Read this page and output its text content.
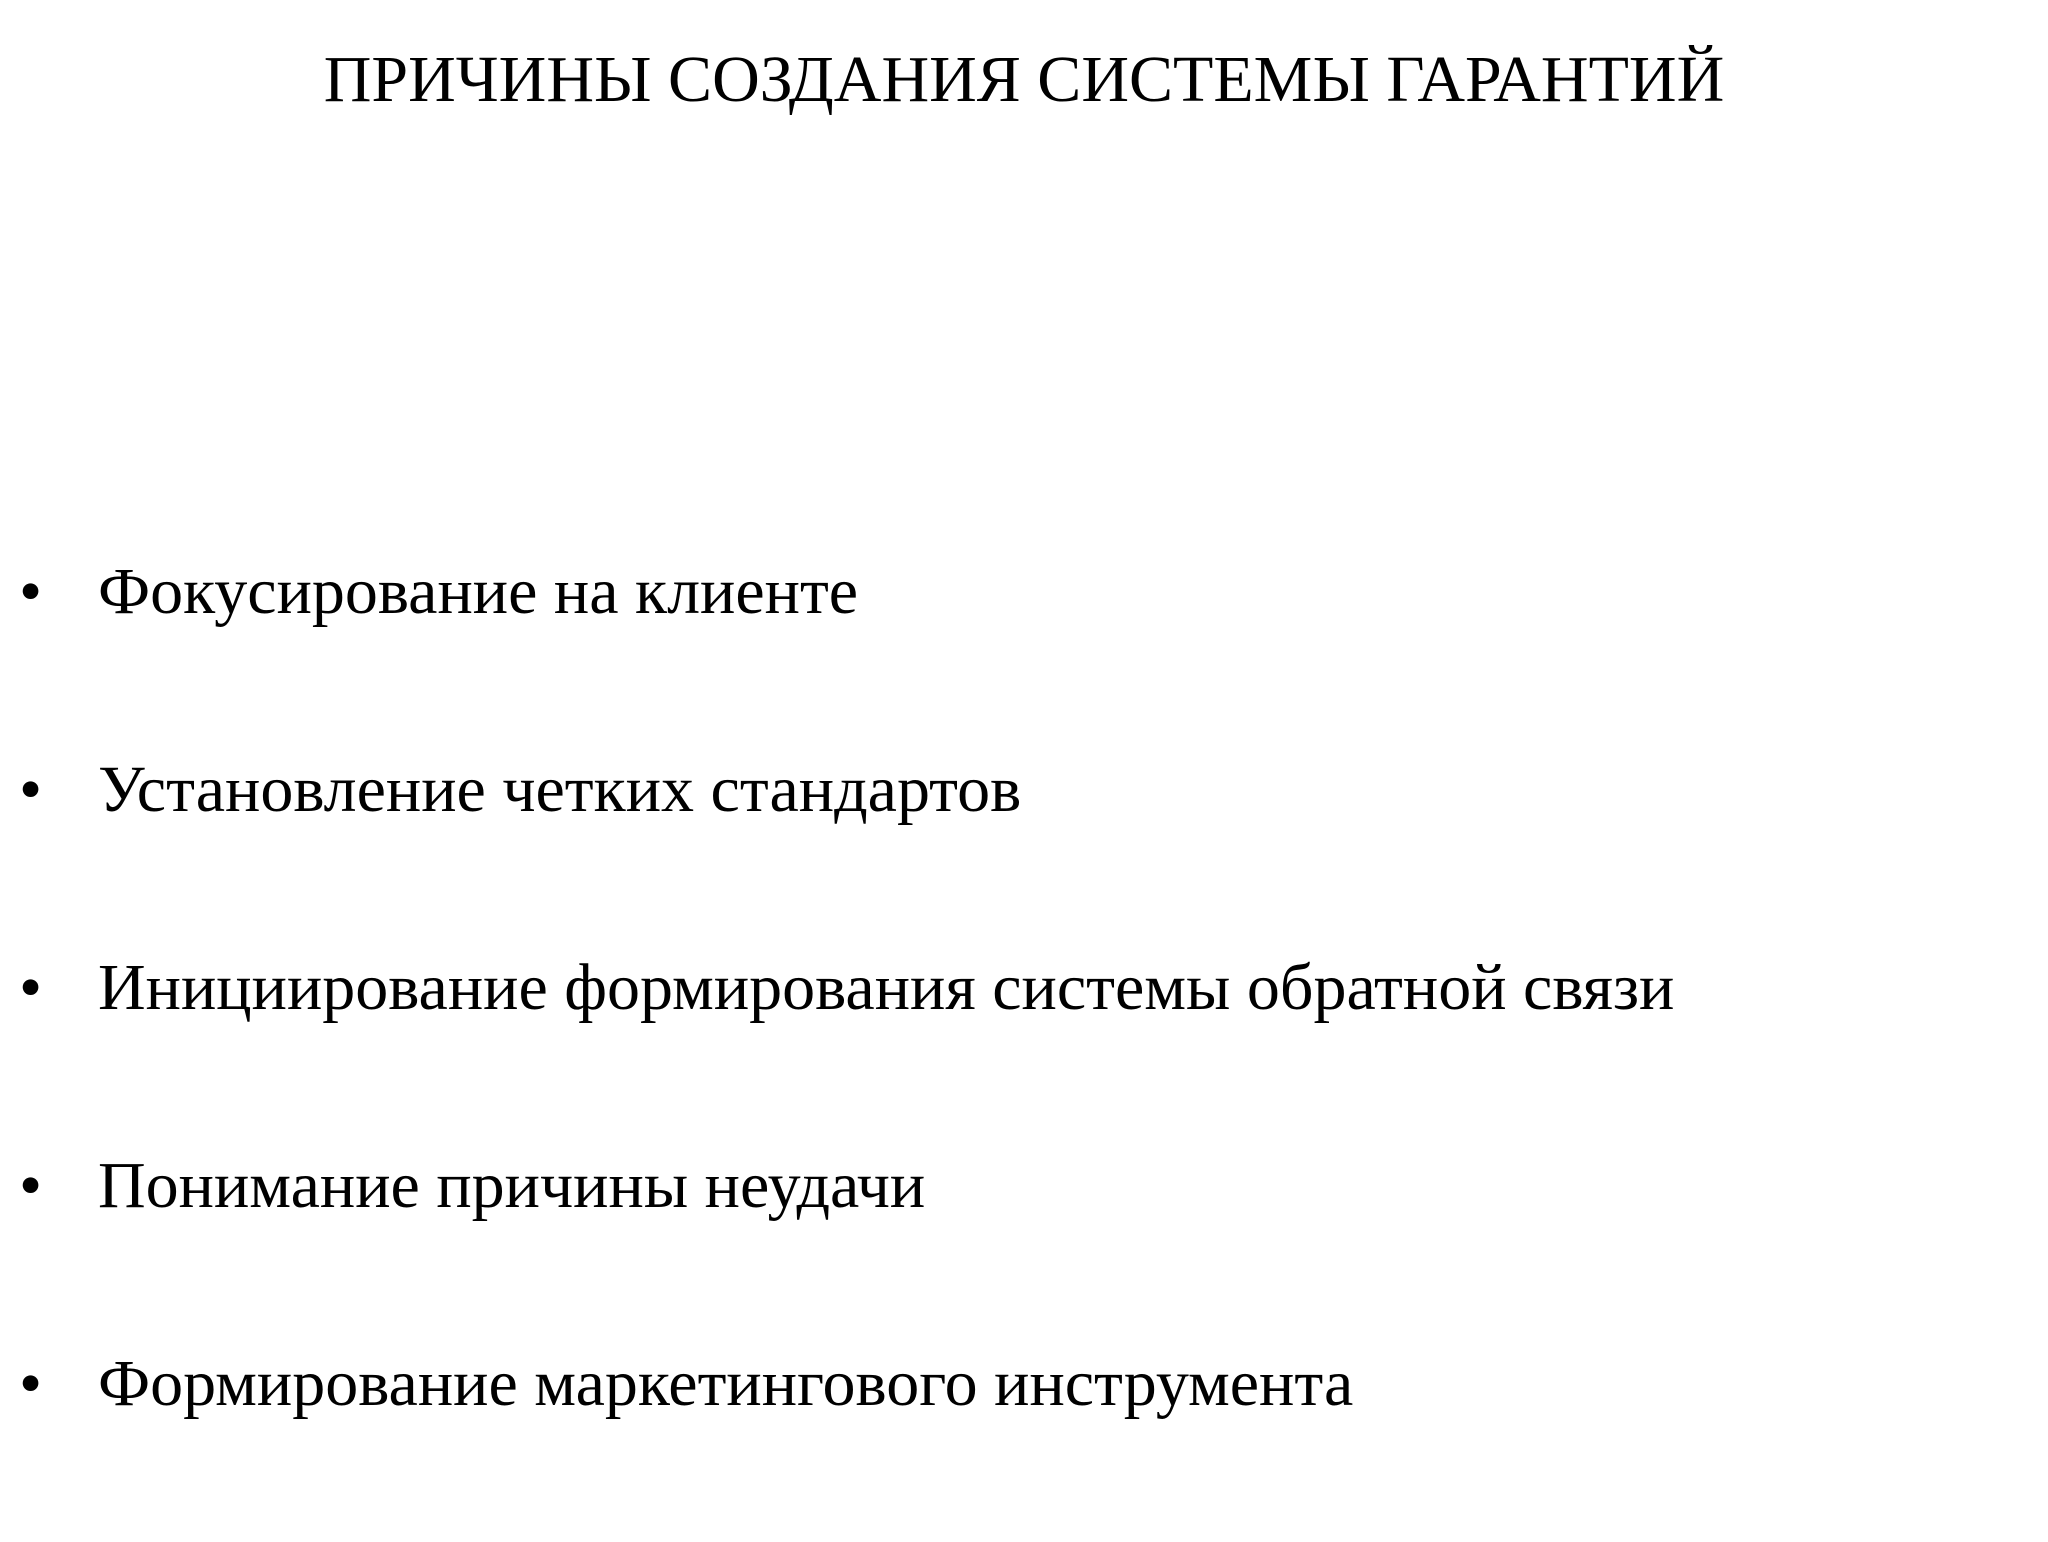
ПРИЧИНЫ СОЗДАНИЯ СИСТЕМЫ ГАРАНТИЙ
• Фокусирование на клиенте
• Установление четких стандартов
• Инициирование формирования системы обратной связи
• Понимание причины неудачи
• Формирование маркетингового инструмента
